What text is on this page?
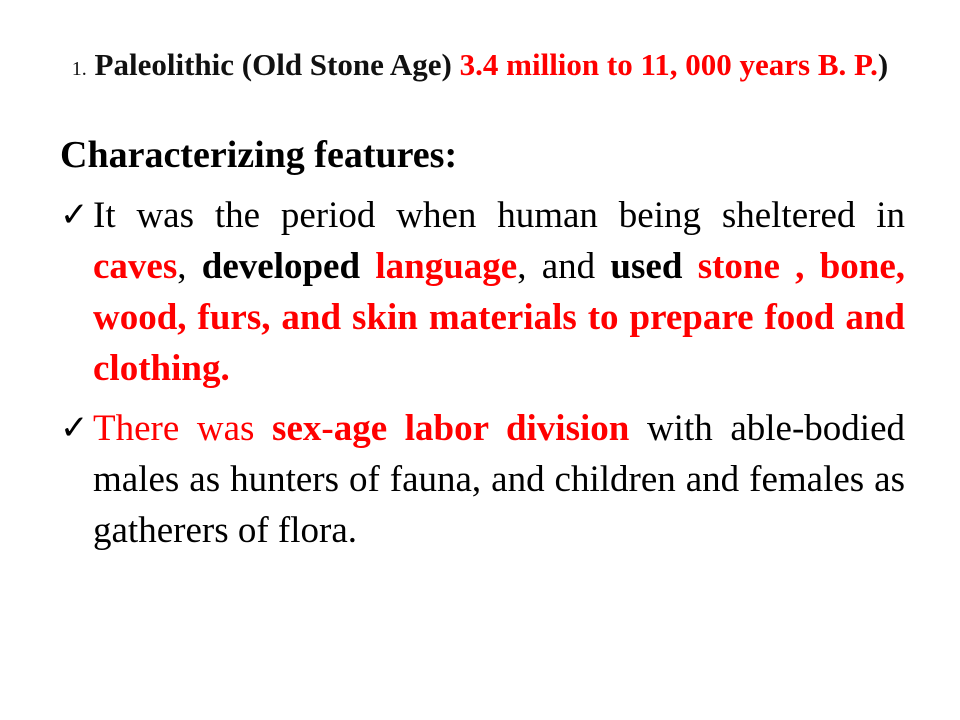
1. Paleolithic (Old Stone Age) 3.4 million to 11, 000 years B. P.)
Characterizing features:
✓ It was the period when human being sheltered in caves, developed language, and used stone , bone, wood, furs, and skin materials to prepare food and clothing.
✓ There was sex-age labor division with able-bodied males as hunters of fauna, and children and females as gatherers of flora.
